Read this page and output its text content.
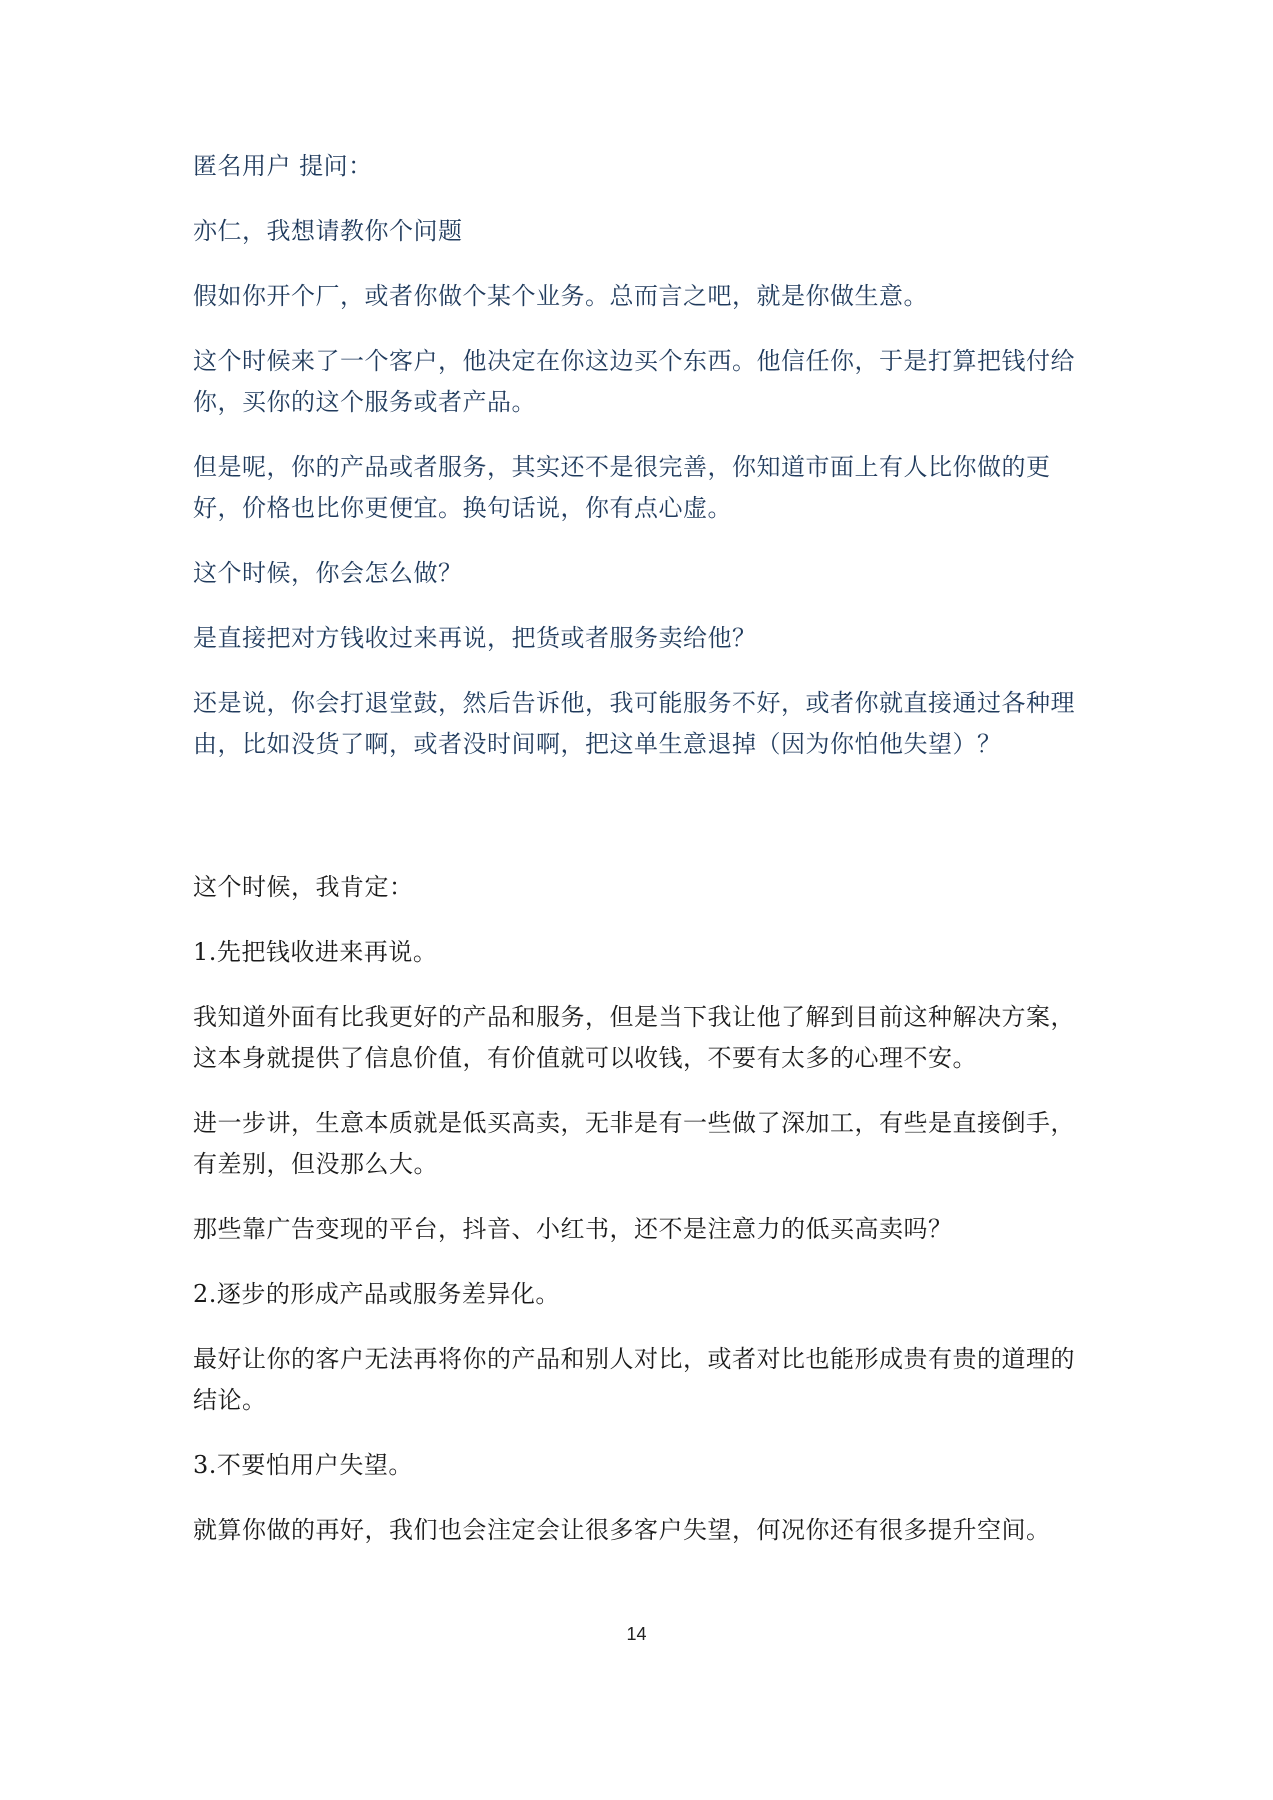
匿名用户 提问：

亦仁，我想请教你个问题

假如你开个厂，或者你做个某个业务。总而言之吧，就是你做生意。

这个时候来了一个客户，他决定在你这边买个东西。他信任你，于是打算把钱付给你，买你的这个服务或者产品。

但是呢，你的产品或者服务，其实还不是很完善，你知道市面上有人比你做的更好，价格也比你更便宜。换句话说，你有点心虚。

这个时候，你会怎么做？

是直接把对方钱收过来再说，把货或者服务卖给他？

还是说，你会打退堂鼓，然后告诉他，我可能服务不好，或者你就直接通过各种理由，比如没货了啊，或者没时间啊，把这单生意退掉（因为你怕他失望）？

这个时候，我肯定：

1.先把钱收进来再说。

我知道外面有比我更好的产品和服务，但是当下我让他了解到目前这种解决方案，这本身就提供了信息价值，有价值就可以收钱，不要有太多的心理不安。

进一步讲，生意本质就是低买高卖，无非是有一些做了深加工，有些是直接倒手，有差别，但没那么大。

那些靠广告变现的平台，抖音、小红书，还不是注意力的低买高卖吗？

2.逐步的形成产品或服务差异化。

最好让你的客户无法再将你的产品和别人对比，或者对比也能形成贵有贵的道理的结论。

3.不要怕用户失望。

就算你做的再好，我们也会注定会让很多客户失望，何况你还有很多提升空间。

14
